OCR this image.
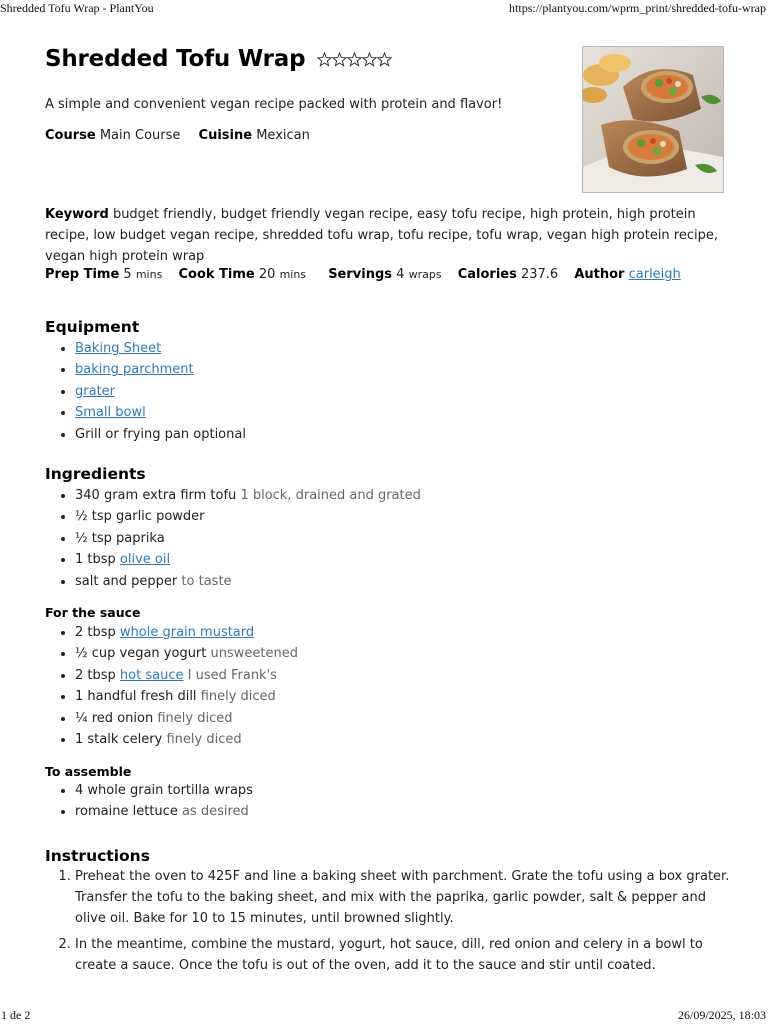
Shredded Tofu Wrap - PlantYou	https://plantyou.com/wprm_print/shredded-tofu-wrap
1 de 2	26/09/2025, 18:03
Shredded Tofu Wrap
A simple and convenient vegan recipe packed with protein and flavor!
Course Main Course Cuisine Mexican
Keyword budget friendly, budget friendly vegan recipe, easy tofu recipe, high protein, high protein recipe, low budget vegan recipe, shredded tofu wrap, tofu recipe, tofu wrap, vegan high protein recipe, vegan high protein wrap
Prep Time 5 mins Cook Time 20 mins Servings 4 wraps Calories 237.6 Author carleigh
Equipment
• Baking Sheet
• baking parchment
• grater
• Small bowl
• Grill or frying pan optional
Ingredients
• 340 gram extra firm tofu 1 block, drained and grated
• ½ tsp garlic powder
• ½ tsp paprika
• 1 tbsp olive oil
• salt and pepper to taste
For the sauce
• 2 tbsp whole grain mustard
• ½ cup vegan yogurt unsweetened
• 2 tbsp hot sauce I used Frank's
• 1 handful fresh dill finely diced
• ¼ red onion finely diced
• 1 stalk celery finely diced
To assemble
• 4 whole grain tortilla wraps
• romaine lettuce as desired
Instructions
1. Preheat the oven to 425F and line a baking sheet with parchment. Grate the tofu using a box grater. Transfer the tofu to the baking sheet, and mix with the paprika, garlic powder, salt & pepper and olive oil. Bake for 10 to 15 minutes, until browned slightly.
2. In the meantime, combine the mustard, yogurt, hot sauce, dill, red onion and celery in a bowl to create a sauce. Once the tofu is out of the oven, add it to the sauce and stir until coated.
